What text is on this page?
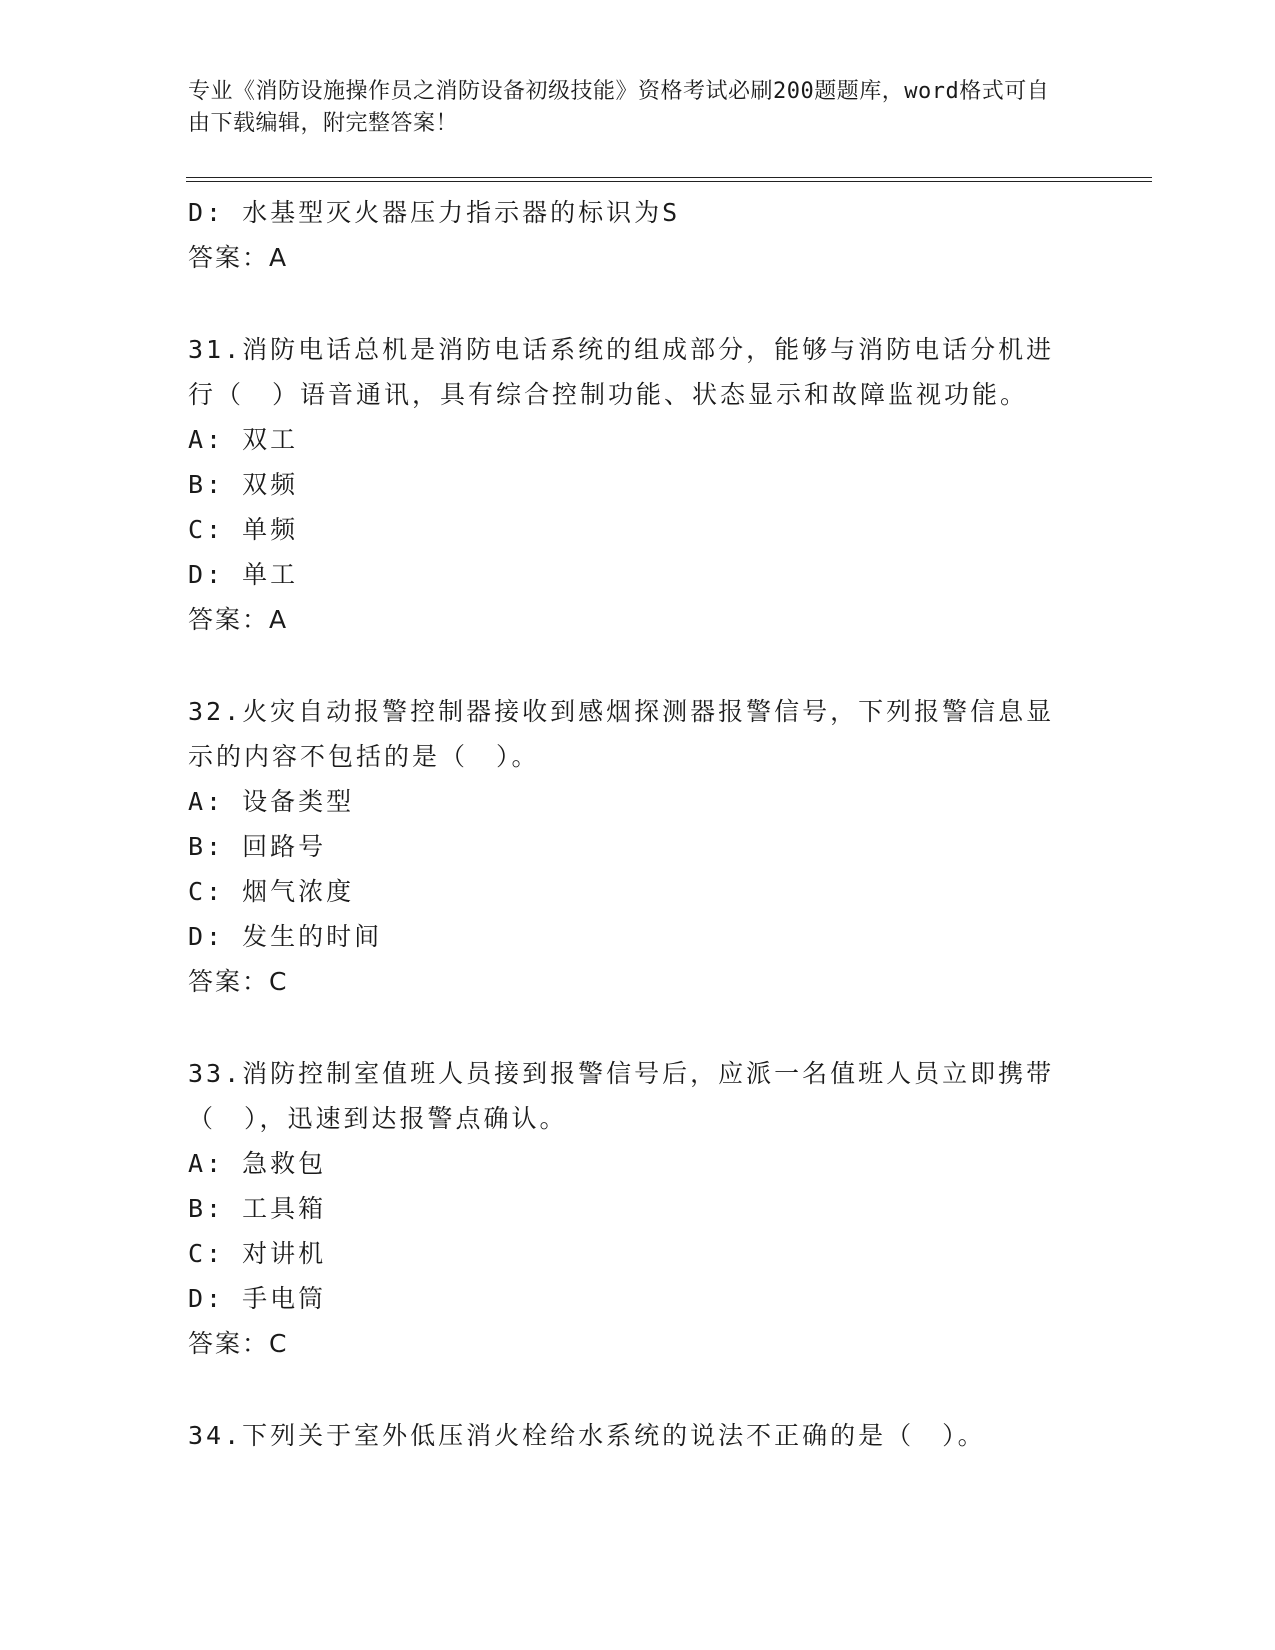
专业《消防设施操作员之消防设备初级技能》资格考试必刷200题题库，word格式可自由下载编辑，附完整答案！
D: 水基型灭火器压力指示器的标识为S
答案：A
31.消防电话总机是消防电话系统的组成部分，能够与消防电话分机进
行（　）语音通讯，具有综合控制功能、状态显示和故障监视功能。
A: 双工
B: 双频
C: 单频
D: 单工
答案：A
32.火灾自动报警控制器接收到感烟探测器报警信号，下列报警信息显
示的内容不包括的是（　）。
A: 设备类型
B: 回路号
C: 烟气浓度
D: 发生的时间
答案：C
33.消防控制室值班人员接到报警信号后，应派一名值班人员立即携带
（　），迅速到达报警点确认。
A: 急救包
B: 工具箱
C: 对讲机
D: 手电筒
答案：C
34.下列关于室外低压消火栓给水系统的说法不正确的是（　）。
